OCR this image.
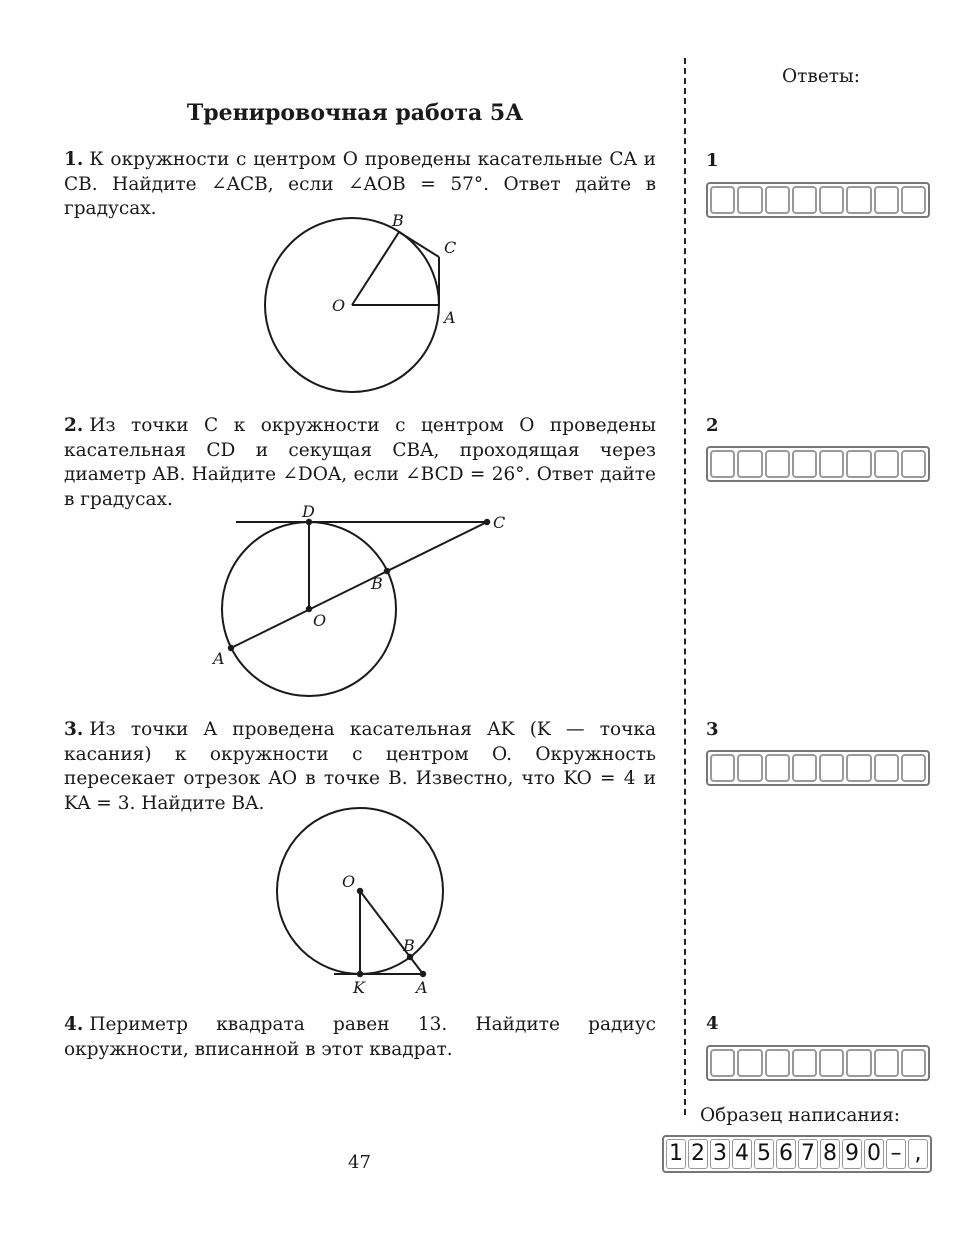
Тренировочная работа 5А
1. К окружности с центром O проведены касательные CA и CB. Найдите ∠ACB, если ∠AOB = 57°. Ответ дайте в градусах.
B
C
O
A
2. Из точки C к окружности с центром O проведены касательная CD и секущая CBA, проходящая через диаметр AB. Найдите ∠DOA, если ∠BCD = 26°. Ответ дайте в градусах.
D
C
B
O
A
3. Из точки A проведена касательная AK (K — точка касания) к окружности с центром O. Окружность пересекает отрезок AO в точке B. Известно, что KO = 4 и KA = 3. Найдите BA.
O
B
K	A
4. Периметр квадрата равен 13. Найдите радиус окружности, вписанной в этот квадрат.
Ответы:
1
2
3
4
Образец написания:
1 2 3 4 5 6 7 8 9 0 – ,
47
